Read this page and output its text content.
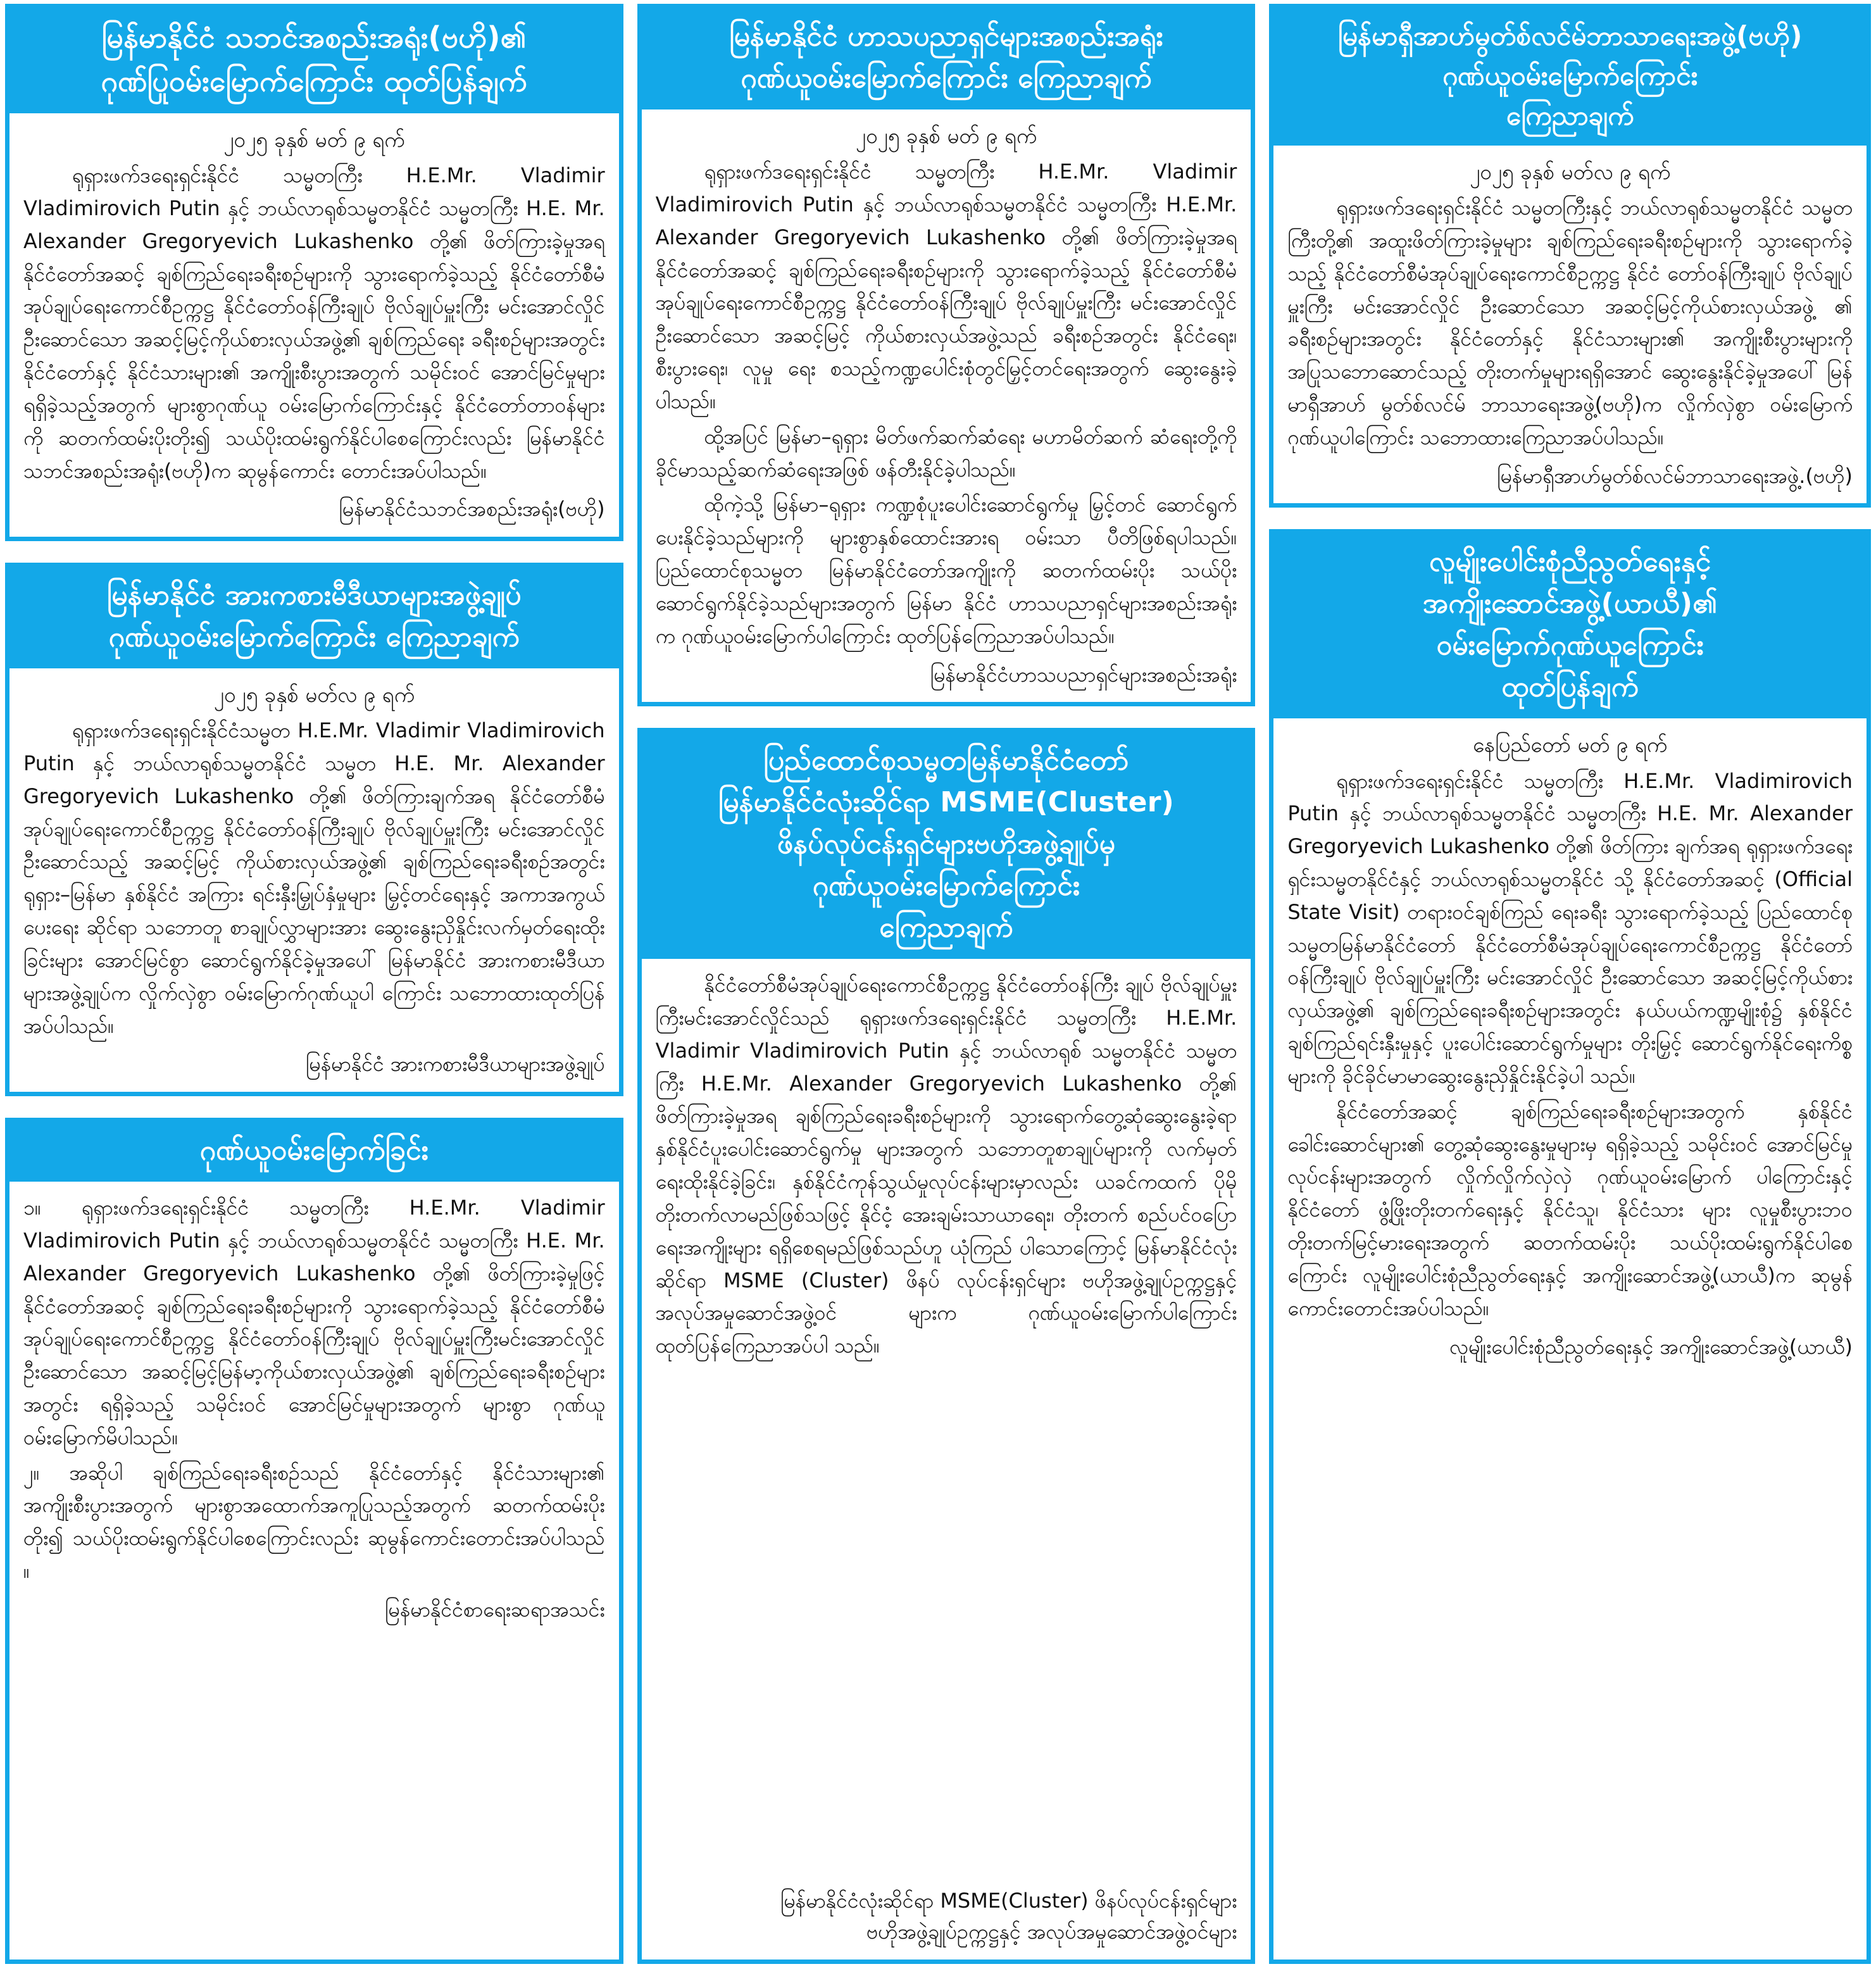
မြန်မာနိုင်ငံ သဘင်အစည်းအရုံး(ဗဟို)၏
ဂုဏ်ပြုဝမ်းမြောက်ကြောင်း ထုတ်ပြန်ချက်
၂၀၂၅ ခုနှစ် မတ် ၉ ရက်

ရုရှားဖက်ဒရေးရှင်းနိုင်ငံ သမ္မတကြီး H.E.Mr. Vladimir Vladimirovich Putin နှင့် ဘယ်လာရုစ်သမ္မတနိုင်ငံ သမ္မတကြီး H.E. Mr. Alexander Gregoryevich Lukashenko တို့၏ ဖိတ်ကြားခဲ့မှုအရ နိုင်ငံတော်အဆင့် ချစ်ကြည်ရေးခရီးစဉ်များကို သွားရောက်ခဲ့သည့် နိုင်ငံတော်စီမံအုပ်ချုပ်ရေးကောင်စီဥက္ကဋ္ဌ နိုင်ငံတော်ဝန်ကြီးချုပ် ဗိုလ်ချုပ်မှူးကြီး မင်းအောင်လှိုင် ဦးဆောင်သော အဆင့်မြင့်ကိုယ်စားလှယ်အဖွဲ့၏ ချစ်ကြည်ရေး ခရီးစဉ်များအတွင်း နိုင်ငံတော်နှင့် နိုင်ငံသားများ၏ အကျိုးစီးပွားအတွက် သမိုင်းဝင် အောင်မြင်မှုများရရှိခဲ့သည့်အတွက် များစွာဂုဏ်ယူ ဝမ်းမြောက်ကြောင်းနှင့် နိုင်ငံတော်တာဝန်များကို ဆတက်ထမ်းပိုးတိုး၍ သယ်ပိုးထမ်းရွက်နိုင်ပါစေကြောင်းလည်း မြန်မာနိုင်ငံ သဘင်အစည်းအရုံး(ဗဟို)က ဆုမွန်ကောင်း တောင်းအပ်ပါသည်။

မြန်မာနိုင်ငံသဘင်အစည်းအရုံး(ဗဟို)
မြန်မာနိုင်ငံ အားကစားမီဒီယာများအဖွဲ့ချုပ်
ဂုဏ်ယူဝမ်းမြောက်ကြောင်း ကြေညာချက်
၂၀၂၅ ခုနှစ် မတ်လ ၉ ရက်

ရုရှားဖက်ဒရေးရှင်းနိုင်ငံသမ္မတ H.E.Mr. Vladimir Vladimirovich Putin နှင့် ဘယ်လာရုစ်သမ္မတနိုင်ငံ သမ္မတ H.E. Mr. Alexander Gregoryevich Lukashenko တို့၏ ဖိတ်ကြားချက်အရ နိုင်ငံတော်စီမံအုပ်ချုပ်ရေးကောင်စီဥက္ကဋ္ဌ နိုင်ငံတော်ဝန်ကြီးချုပ် ဗိုလ်ချုပ်မှူးကြီး မင်းအောင်လှိုင် ဦးဆောင်သည့် အဆင့်မြင့် ကိုယ်စားလှယ်အဖွဲ့၏ ချစ်ကြည်ရေးခရီးစဉ်အတွင်း ရုရှား–မြန်မာ နှစ်နိုင်ငံ အကြား ရင်းနှီးမြှုပ်နှံမှုများ မြှင့်တင်ရေးနှင့် အကာအကွယ်ပေးရေး ဆိုင်ရာ သဘောတူ စာချုပ်လွှာများအား ဆွေးနွေးညှိနှိုင်းလက်မှတ်ရေးထိုးခြင်းများ အောင်မြင်စွာ ဆောင်ရွက်နိုင်ခဲ့မှုအပေါ် မြန်မာနိုင်ငံ အားကစားမီဒီယာများအဖွဲ့ချုပ်က လှိုက်လှဲစွာ ဝမ်းမြောက်ဂုဏ်ယူပါ ကြောင်း သဘောထားထုတ်ပြန်အပ်ပါသည်။

မြန်မာနိုင်ငံ အားကစားမီဒီယာများအဖွဲ့ချုပ်
ဂုဏ်ယူဝမ်းမြောက်ခြင်း

၁။ ရုရှားဖက်ဒရေးရှင်းနိုင်ငံ သမ္မတကြီး H.E.Mr. Vladimir Vladimirovich Putin နှင့် ဘယ်လာရုစ်သမ္မတနိုင်ငံ သမ္မတကြီး H.E. Mr. Alexander Gregoryevich Lukashenko တို့၏ ဖိတ်ကြားခဲ့မှုဖြင့် နိုင်ငံတော်အဆင့် ချစ်ကြည်ရေးခရီးစဉ်များကို သွားရောက်ခဲ့သည့် နိုင်ငံတော်စီမံအုပ်ချုပ်ရေးကောင်စီဥက္ကဋ္ဌ နိုင်ငံတော်ဝန်ကြီးချုပ် ဗိုလ်ချုပ်မှူးကြီးမင်းအောင်လှိုင် ဦးဆောင်သော အဆင့်မြင့်မြန်မာ့ကိုယ်စားလှယ်အဖွဲ့၏ ချစ်ကြည်ရေးခရီးစဉ်များအတွင်း ရရှိခဲ့သည့် သမိုင်းဝင် အောင်မြင်မှုများအတွက် များစွာ ဂုဏ်ယူဝမ်းမြောက်မိပါသည်။

၂။ အဆိုပါ ချစ်ကြည်ရေးခရီးစဉ်သည် နိုင်ငံတော်နှင့် နိုင်ငံသားများ၏ အကျိုးစီးပွားအတွက် များစွာအထောက်အကူပြုသည့်အတွက် ဆတက်ထမ်းပိုးတိုး၍ သယ်ပိုးထမ်းရွက်နိုင်ပါစေကြောင်းလည်း ဆုမွန်ကောင်းတောင်းအပ်ပါသည် ။

မြန်မာနိုင်ငံစာရေးဆရာအသင်း
မြန်မာနိုင်ငံ ဟာသပညာရှင်များအစည်းအရုံး
ဂုဏ်ယူဝမ်းမြောက်ကြောင်း ကြေညာချက်
၂၀၂၅ ခုနှစ် မတ် ၉ ရက်

ရုရှားဖက်ဒရေးရှင်းနိုင်ငံ သမ္မတကြီး H.E.Mr. Vladimir Vladimirovich Putin နှင့် ဘယ်လာရုစ်သမ္မတနိုင်ငံ သမ္မတကြီး H.E.Mr. Alexander Gregoryevich Lukashenko တို့၏ ဖိတ်ကြားခဲ့မှုအရ နိုင်ငံတော်အဆင့် ချစ်ကြည်ရေးခရီးစဉ်များကို သွားရောက်ခဲ့သည့် နိုင်ငံတော်စီမံအုပ်ချုပ်ရေးကောင်စီဥက္ကဋ္ဌ နိုင်ငံတော်ဝန်ကြီးချုပ် ဗိုလ်ချုပ်မှူးကြီး မင်းအောင်လှိုင် ဦးဆောင်သော အဆင့်မြင့် ကိုယ်စားလှယ်အဖွဲ့သည် ခရီးစဉ်အတွင်း နိုင်ငံရေး၊ စီးပွားရေး၊ လူမှု ရေး စသည့်ကဏ္ဍပေါင်းစုံတွင်မြှင့်တင်ရေးအတွက် ဆွေးနွေးခဲ့ပါသည်။

ထို့အပြင် မြန်မာ–ရုရှား မိတ်ဖက်ဆက်ဆံရေး မဟာမိတ်ဆက် ဆံရေးတို့ကို ခိုင်မာသည့်ဆက်ဆံရေးအဖြစ် ဖန်တီးနိုင်ခဲ့ပါသည်။

ထိုကဲ့သို့ မြန်မာ–ရုရှား ကဏ္ဍစုံပူးပေါင်းဆောင်ရွက်မှု မြှင့်တင် ဆောင်ရွက်ပေးနိုင်ခဲ့သည်များကို များစွာနှစ်ထောင်းအားရ ဝမ်းသာ ပီတိဖြစ်ရပါသည်။ ပြည်ထောင်စုသမ္မတ မြန်မာနိုင်ငံတော်အကျိုးကို ဆတက်ထမ်းပိုး သယ်ပိုးဆောင်ရွက်နိုင်ခဲ့သည်များအတွက် မြန်မာ နိုင်ငံ ဟာသပညာရှင်များအစည်းအရုံးက ဂုဏ်ယူဝမ်းမြောက်ပါကြောင်း ထုတ်ပြန်ကြေညာအပ်ပါသည်။

မြန်မာနိုင်ငံဟာသပညာရှင်များအစည်းအရုံး
ပြည်ထောင်စုသမ္မတမြန်မာနိုင်ငံတော်
မြန်မာနိုင်ငံလုံးဆိုင်ရာ MSME(Cluster)
ဖိနပ်လုပ်ငန်းရှင်များဗဟိုအဖွဲ့ချုပ်မှ
ဂုဏ်ယူဝမ်းမြောက်ကြောင်း
ကြေညာချက်

နိုင်ငံတော်စီမံအုပ်ချုပ်ရေးကောင်စီဥက္ကဋ္ဌ နိုင်ငံတော်ဝန်ကြီး ချုပ် ဗိုလ်ချုပ်မှူးကြီးမင်းအောင်လှိုင်သည် ရုရှားဖက်ဒရေးရှင်းနိုင်ငံ သမ္မတကြီး H.E.Mr. Vladimir Vladimirovich Putin နှင့် ဘယ်လာရုစ် သမ္မတနိုင်ငံ သမ္မတကြီး H.E.Mr. Alexander Gregoryevich Lukashenko တို့၏ ဖိတ်ကြားခဲ့မှုအရ ချစ်ကြည်ရေးခရီးစဉ်များကို သွားရောက်တွေ့ဆုံဆွေးနွေးခဲ့ရာ နှစ်နိုင်ငံပူးပေါင်းဆောင်ရွက်မှု များအတွက် သဘောတူစာချုပ်များကို လက်မှတ်ရေးထိုးနိုင်ခဲ့ခြင်း၊ နှစ်နိုင်ငံကုန်သွယ်မှုလုပ်ငန်းများမှာလည်း ယခင်ကထက် ပိုမို တိုးတက်လာမည်ဖြစ်သဖြင့် နိုင်ငံ့ အေးချမ်းသာယာရေး၊ တိုးတက် စည်ပင်ဝပြောရေးအကျိုးများ ရရှိစေရမည်ဖြစ်သည်ဟူ ယုံကြည် ပါသောကြောင့် မြန်မာနိုင်ငံလုံးဆိုင်ရာ MSME (Cluster) ဖိနပ် လုပ်ငန်းရှင်များ ဗဟိုအဖွဲ့ချုပ်ဥက္ကဋ္ဌနှင့် အလုပ်အမှုဆောင်အဖွဲ့ဝင် များက ဂုဏ်ယူဝမ်းမြောက်ပါကြောင်း ထုတ်ပြန်ကြေညာအပ်ပါ သည်။

မြန်မာနိုင်ငံလုံးဆိုင်ရာ MSME(Cluster) ဖိနပ်လုပ်ငန်းရှင်များ
ဗဟိုအဖွဲ့ချုပ်ဥက္ကဋ္ဌနှင့် အလုပ်အမှုဆောင်အဖွဲ့ဝင်များ
မြန်မာရှီအာဟ်မွတ်စ်လင်မ်ဘာသာရေးအဖွဲ့(ဗဟို)
ဂုဏ်ယူဝမ်းမြောက်ကြောင်း
ကြေညာချက်
၂၀၂၅ ခုနှစ် မတ်လ ၉ ရက်

ရုရှားဖက်ဒရေးရှင်းနိုင်ငံ သမ္မတကြီးနှင့် ဘယ်လာရုစ်သမ္မတနိုင်ငံ သမ္မတကြီးတို့၏ အထူးဖိတ်ကြားခဲ့မှုများ ချစ်ကြည်ရေးခရီးစဉ်များကို သွားရောက်ခဲ့သည့် နိုင်ငံတော်စီမံအုပ်ချုပ်ရေးကောင်စီဥက္ကဋ္ဌ နိုင်ငံ တော်ဝန်ကြီးချုပ် ဗိုလ်ချုပ်မှူးကြီး မင်းအောင်လှိုင် ဦးဆောင်သော အဆင့်မြင့်ကိုယ်စားလှယ်အဖွဲ့ ၏ ခရီးစဉ်များအတွင်း နိုင်ငံတော်နှင့် နိုင်ငံသားများ၏ အကျိုးစီးပွားများကို အပြုသဘောဆောင်သည့် တိုးတက်မှုများရရှိအောင် ဆွေးနွေးနိုင်ခဲ့မှုအပေါ် မြန်မာရှီအာဟ် မွတ်စ်လင်မ် ဘာသာရေးအဖွဲ့(ဗဟို)က လှိုက်လှဲစွာ ဝမ်းမြောက် ဂုဏ်ယူပါကြောင်း သဘောထားကြေညာအပ်ပါသည်။

မြန်မာရှီအာဟ်မွတ်စ်လင်မ်ဘာသာရေးအဖွဲ့‌.(ဗဟို)
လူမျိုးပေါင်းစုံညီညွတ်ရေးနှင့်
အကျိုးဆောင်အဖွဲ့(ယာယီ)၏
ဝမ်းမြောက်ဂုဏ်ယူကြောင်း
ထုတ်ပြန်ချက်
နေပြည်တော် မတ် ၉ ရက်

ရုရှားဖက်ဒရေးရှင်းနိုင်ငံ သမ္မတကြီး H.E.Mr. Vladimirovich Putin နှင့် ဘယ်လာရုစ်သမ္မတနိုင်ငံ သမ္မတကြီး H.E. Mr. Alexander Gregoryevich Lukashenko တို့၏ ဖိတ်ကြား ချက်အရ ရုရှားဖက်ဒရေးရှင်းသမ္မတနိုင်ငံနှင့် ဘယ်လာရုစ်သမ္မတနိုင်ငံ သို့ နိုင်ငံတော်အဆင့် (Official State Visit) တရားဝင်ချစ်ကြည် ရေးခရီး သွားရောက်ခဲ့သည့် ပြည်ထောင်စုသမ္မတမြန်မာနိုင်ငံတော် နိုင်ငံတော်စီမံအုပ်ချုပ်ရေးကောင်စီဥက္ကဋ္ဌ နိုင်ငံတော်ဝန်ကြီးချုပ် ဗိုလ်ချုပ်မှူးကြီး မင်းအောင်လှိုင် ဦးဆောင်သော အဆင့်မြင့်ကိုယ်စား လှယ်အဖွဲ့၏ ချစ်ကြည်ရေးခရီးစဉ်များအတွင်း နယ်ပယ်ကဏ္ဍမျိုးစုံ၌ နှစ်နိုင်ငံချစ်ကြည်ရင်းနှီးမှုနှင့် ပူးပေါင်းဆောင်ရွက်မှုများ တိုးမြှင့် ဆောင်ရွက်နိုင်ရေးကိစ္စများကို ခိုင်ခိုင်မာမာဆွေးနွေးညှိနှိုင်းနိုင်ခဲ့ပါ သည်။

နိုင်ငံတော်အဆင့် ချစ်ကြည်ရေးခရီးစဉ်များအတွက် နှစ်နိုင်ငံ ခေါင်းဆောင်များ၏ တွေ့ဆုံဆွေးနွေးမှုများမှ ရရှိခဲ့သည့် သမိုင်းဝင် အောင်မြင်မှုလုပ်ငန်းများအတွက် လှိုက်လှိုက်လှဲလှဲ ဂုဏ်ယူဝမ်းမြောက် ပါကြောင်းနှင့် နိုင်ငံတော် ဖွံ့ဖြိုးတိုးတက်ရေးနှင့် နိုင်ငံသူ၊ နိုင်ငံသား များ လူမှုစီးပွားဘဝတိုးတက်မြင့်မားရေးအတွက် ဆတက်ထမ်းပိုး သယ်ပိုးထမ်းရွက်နိုင်ပါစေကြောင်း လူမျိုးပေါင်းစုံညီညွတ်ရေးနှင့် အကျိုးဆောင်အဖွဲ့(ယာယီ)က ဆုမွန်ကောင်းတောင်းအပ်ပါသည်။

လူမျိုးပေါင်းစုံညီညွတ်ရေးနှင့် အကျိုးဆောင်အဖွဲ့(ယာယီ)
